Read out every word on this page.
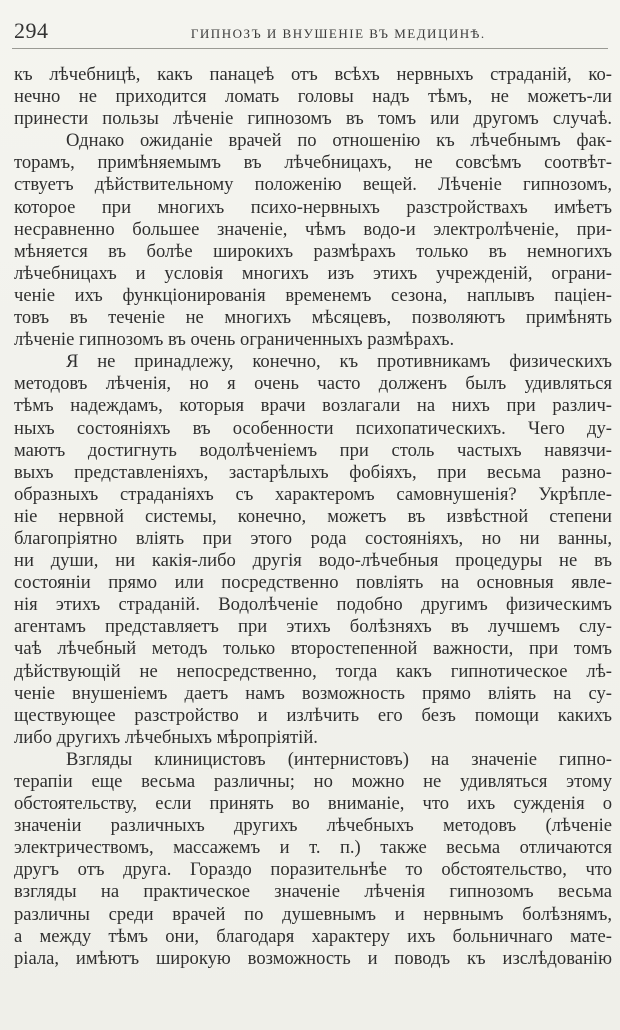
294	ГИПНОЗЪ И ВНУШЕНІЕ ВЪ МЕДИЦИНѢ.
къ лѣчебницѣ, какъ панацеѣ отъ всѣхъ нервныхъ страданій, ко-
нечно не приходится ломать головы надъ тѣмъ, не можетъ-ли
принести пользы лѣченіе гипнозомъ въ томъ или другомъ случаѣ.
Однако ожиданіе врачей по отношенію къ лѣчебнымъ фак-
торамъ, примѣняемымъ въ лѣчебницахъ, не совсѣмъ соотвѣт-
ствуетъ дѣйствительному положенію вещей. Лѣченіе гипнозомъ,
которое при многихъ психо-нервныхъ разстройствахъ имѣетъ
несравненно большее значеніе, чѣмъ водо-и электролѣченіе, при-
мѣняется въ болѣе широкихъ размѣрахъ только въ немногихъ
лѣчебницахъ и условія многихъ изъ этихъ учрежденій, ограни-
ченіе ихъ функціонированія временемъ сезона, наплывъ паціен-
товъ въ теченіе не многихъ мѣсяцевъ, позволяютъ примѣнять
лѣченіе гипнозомъ въ очень ограниченныхъ размѣрахъ.
Я не принадлежу, конечно, къ противникамъ физическихъ
методовъ лѣченія, но я очень часто долженъ былъ удивляться
тѣмъ надеждамъ, которыя врачи возлагали на нихъ при различ-
ныхъ состояніяхъ въ особенности психопатическихъ. Чего ду-
маютъ достигнуть водолѣченіемъ при столь частыхъ навязчи-
выхъ представленіяхъ, застарѣлыхъ фобіяхъ, при весьма разно-
образныхъ страданіяхъ съ характеромъ самовнушенія? Укрѣпле-
ніе нервной системы, конечно, можетъ въ извѣстной степени
благопріятно вліять при этого рода состояніяхъ, но ни ванны,
ни души, ни какія-либо другія водо-лѣчебныя процедуры не въ
состояніи прямо или посредственно повліять на основныя явле-
нія этихъ страданій. Водолѣченіе подобно другимъ физическимъ
агентамъ представляетъ при этихъ болѣзняхъ въ лучшемъ слу-
чаѣ лѣчебный методъ только второстепенной важности, при томъ
дѣйствующій не непосредственно, тогда какъ гипнотическое лѣ-
ченіе внушеніемъ даетъ намъ возможность прямо вліять на су-
ществующее разстройство и излѣчить его безъ помощи какихъ
либо другихъ лѣчебныхъ мѣропріятій.
Взгляды клиницистовъ (интернистовъ) на значеніе гипно-
терапіи еще весьма различны; но можно не удивляться этому
обстоятельству, если принять во вниманіе, что ихъ сужденія о
значеніи различныхъ другихъ лѣчебныхъ методовъ (лѣченіе
электричествомъ, массажемъ и т. п.) также весьма отличаются
другъ отъ друга. Гораздо поразительнѣе то обстоятельство, что
взгляды на практическое значеніе лѣченія гипнозомъ весьма
различны среди врачей по душевнымъ и нервнымъ болѣзнямъ,
а между тѣмъ они, благодаря характеру ихъ больничнаго мате-
ріала, имѣютъ широкую возможность и поводъ къ изслѣдованію
